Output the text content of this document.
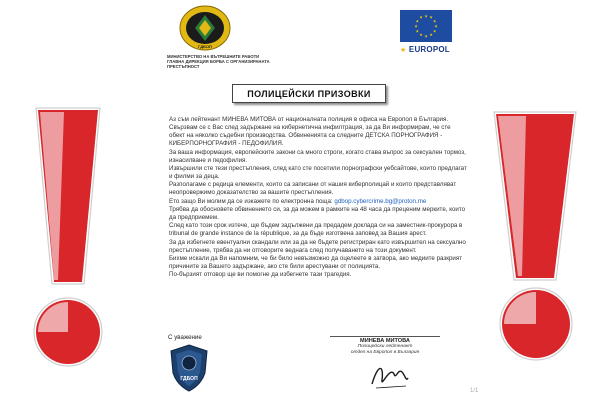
ГДБОП
МИНИСТЕРСТВО НА ВЪТРЕШНИТЕ РАБОТИ
ГЛАВНА ДИРЕКЦИЯ БОРБА С ОРГАНИЗИРАНАТА
ПРЕСТЪПНОСТ
★
★
★
★
★
★
★
★
★ ★ ★
★
★ EUROPOL
ПОЛИЦЕЙСКИ ПРИЗОВКИ

Аз съм лейтенант МИНЕВА МИТОВА от националната полиция в офиса на Европол в България.

Свързвам се с Вас след задържане на кибернетична инфилтрация, за да Ви информирам, че сте обект на няколко съдебни производства. Обвиненията са следните ДЕТСКА ПОРНОГРАФИЯ - КИБЕРПОРНОГРАФИЯ - ПЕДОФИЛИЯ.

За ваша информация, европейските закони са много строги, когато става въпрос за сексуален тормоз, изнасилване и педофилия.

Извършили сте тези престъпления, след като сте посетили порнографски уебсайтове, които предлагат и филми за деца.

Разполагаме с редица елементи, които са записани от нашия киберполицай и които представляват неопровержимо доказателство за вашите престъпления.

Ето защо Ви молим да се изкажете по електронна поща: gdbop.cybercrime.bg@proton.me

Трябва да обосновете обвинението си, за да можем в рамките на 48 часа да преценим мерките, които да предприемем.

След като този срок изтече, ще бъдем задължени да предадем доклада си на заместник-прокурора в tribunal de grande instance de la république, за да бъде изготвена заповед за Вашия арест.

За да избегнете евентуални скандали или за да не бъдете регистриран като извършител на сексуално престъпление, трябва да ни отговорите веднага след получаването на този документ.

Бихме искали да Ви напомним, че би било невъзможно да оцелеете в затвора, ако медиите разкрият причините за Вашето задържане, ако сте били арестувани от полицията.

По-бързият отговор ще ви помогне да избегнете тази трагедия.

С уважение
ГДБОП
МИНЕВА МИТОВА
Полицейски лейтенант
отдел на Европол в България
1/1
